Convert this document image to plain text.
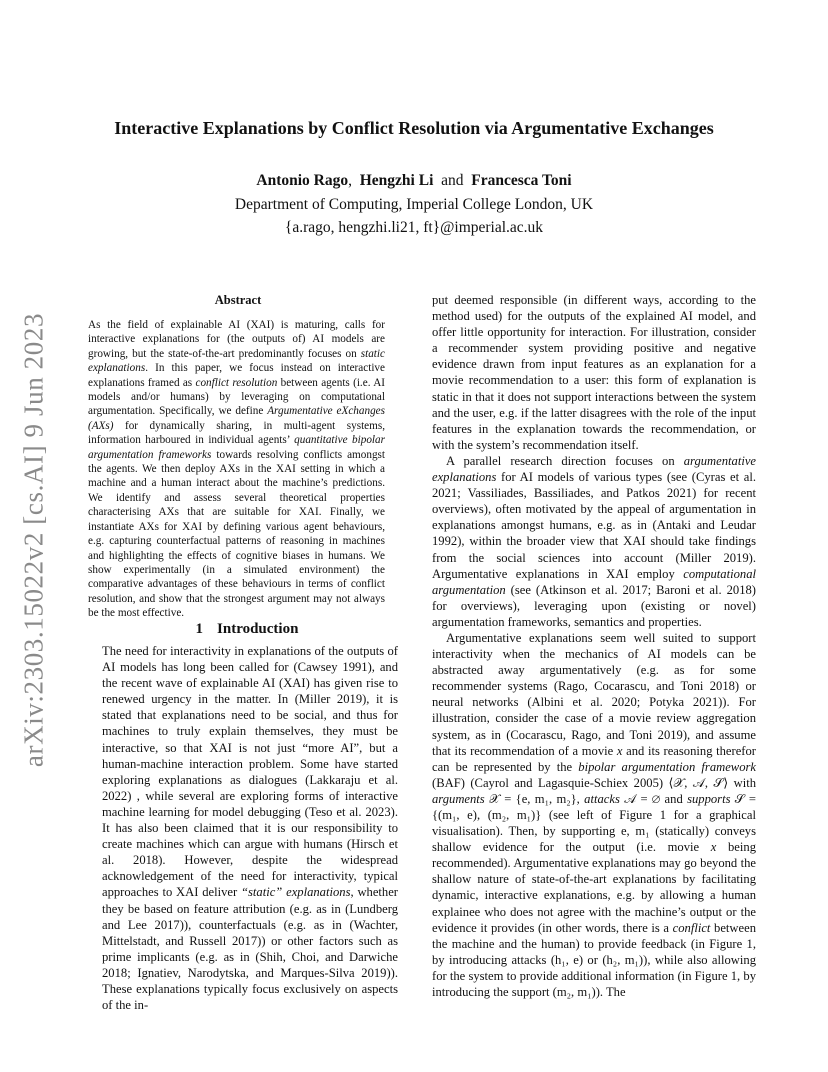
arXiv:2303.15022v2 [cs.AI] 9 Jun 2023
Interactive Explanations by Conflict Resolution via Argumentative Exchanges
Antonio Rago,  Hengzhi Li and Francesca Toni
Department of Computing, Imperial College London, UK
{a.rago, hengzhi.li21, ft}@imperial.ac.uk
Abstract

As the field of explainable AI (XAI) is maturing, calls for interactive explanations for (the outputs of) AI models are growing, but the state-of-the-art predominantly focuses on static explanations. In this paper, we focus instead on interactive explanations framed as conflict resolution between agents (i.e. AI models and/or humans) by leveraging on computational argumentation. Specifically, we define Argumentative eXchanges (AXs) for dynamically sharing, in multi-agent systems, information harboured in individual agents’ quantitative bipolar argumentation frameworks towards resolving conflicts amongst the agents. We then deploy AXs in the XAI setting in which a machine and a human interact about the machine’s predictions. We identify and assess several theoretical properties characterising AXs that are suitable for XAI. Finally, we instantiate AXs for XAI by defining various agent behaviours, e.g. capturing counterfactual patterns of reasoning in machines and highlighting the effects of cognitive biases in humans. We show experimentally (in a simulated environment) the comparative advantages of these behaviours in terms of conflict resolution, and show that the strongest argument may not always be the most effective.

1 Introduction

The need for interactivity in explanations of the outputs of AI models has long been called for (Cawsey 1991), and the recent wave of explainable AI (XAI) has given rise to renewed urgency in the matter. In (Miller 2019), it is stated that explanations need to be social, and thus for machines to truly explain themselves, they must be interactive, so that XAI is not just “more AI”, but a human-machine interaction problem. Some have started exploring explanations as dialogues (Lakkaraju et al. 2022) , while several are exploring forms of interactive machine learning for model debugging (Teso et al. 2023). It has also been claimed that it is our responsibility to create machines which can argue with humans (Hirsch et al. 2018). However, despite the widespread acknowledgement of the need for interactivity, typical approaches to XAI deliver “static” explanations, whether they be based on feature attribution (e.g. as in (Lundberg and Lee 2017)), counterfactuals (e.g. as in (Wachter, Mittelstadt, and Russell 2017)) or other factors such as prime implicants (e.g. as in (Shih, Choi, and Darwiche 2018; Ignatiev, Narodytska, and Marques-Silva 2019)). These explanations typically focus exclusively on aspects of the in-

put deemed responsible (in different ways, according to the method used) for the outputs of the explained AI model, and offer little opportunity for interaction. For illustration, consider a recommender system providing positive and negative evidence drawn from input features as an explanation for a movie recommendation to a user: this form of explanation is static in that it does not support interactions between the system and the user, e.g. if the latter disagrees with the role of the input features in the explanation towards the recommendation, or with the system’s recommendation itself.

A parallel research direction focuses on argumentative explanations for AI models of various types (see (Cyras et al. 2021; Vassiliades, Bassiliades, and Patkos 2021) for recent overviews), often motivated by the appeal of argumentation in explanations amongst humans, e.g. as in (Antaki and Leudar 1992), within the broader view that XAI should take findings from the social sciences into account (Miller 2019). Argumentative explanations in XAI employ computational argumentation (see (Atkinson et al. 2017; Baroni et al. 2018) for overviews), leveraging upon (existing or novel) argumentation frameworks, semantics and properties.

Argumentative explanations seem well suited to support interactivity when the mechanics of AI models can be abstracted away argumentatively (e.g. as for some recommender systems (Rago, Cocarascu, and Toni 2018) or neural networks (Albini et al. 2020; Potyka 2021)). For illustration, consider the case of a movie review aggregation system, as in (Cocarascu, Rago, and Toni 2019), and assume that its recommendation of a movie x and its reasoning therefor can be represented by the bipolar argumentation framework (BAF) (Cayrol and Lagasquie-Schiex 2005) ⟨𝒳, 𝒜, 𝒮⟩ with arguments 𝒳 = {e, m₁, m₂}, attacks 𝒜 = ∅ and supports 𝒮 = {(m₁, e), (m₂, m₁)} (see left of Figure 1 for a graphical visualisation). Then, by supporting e, m₁ (statically) conveys shallow evidence for the output (i.e. movie x being recommended). Argumentative explanations may go beyond the shallow nature of state-of-the-art explanations by facilitating dynamic, interactive explanations, e.g. by allowing a human explainee who does not agree with the machine’s output or the evidence it provides (in other words, there is a conflict between the machine and the human) to provide feedback (in Figure 1, by introducing attacks (h₁, e) or (h₂, m₁)), while also allowing for the system to provide additional information (in Figure 1, by introducing the support (m₂, m₁)). The
